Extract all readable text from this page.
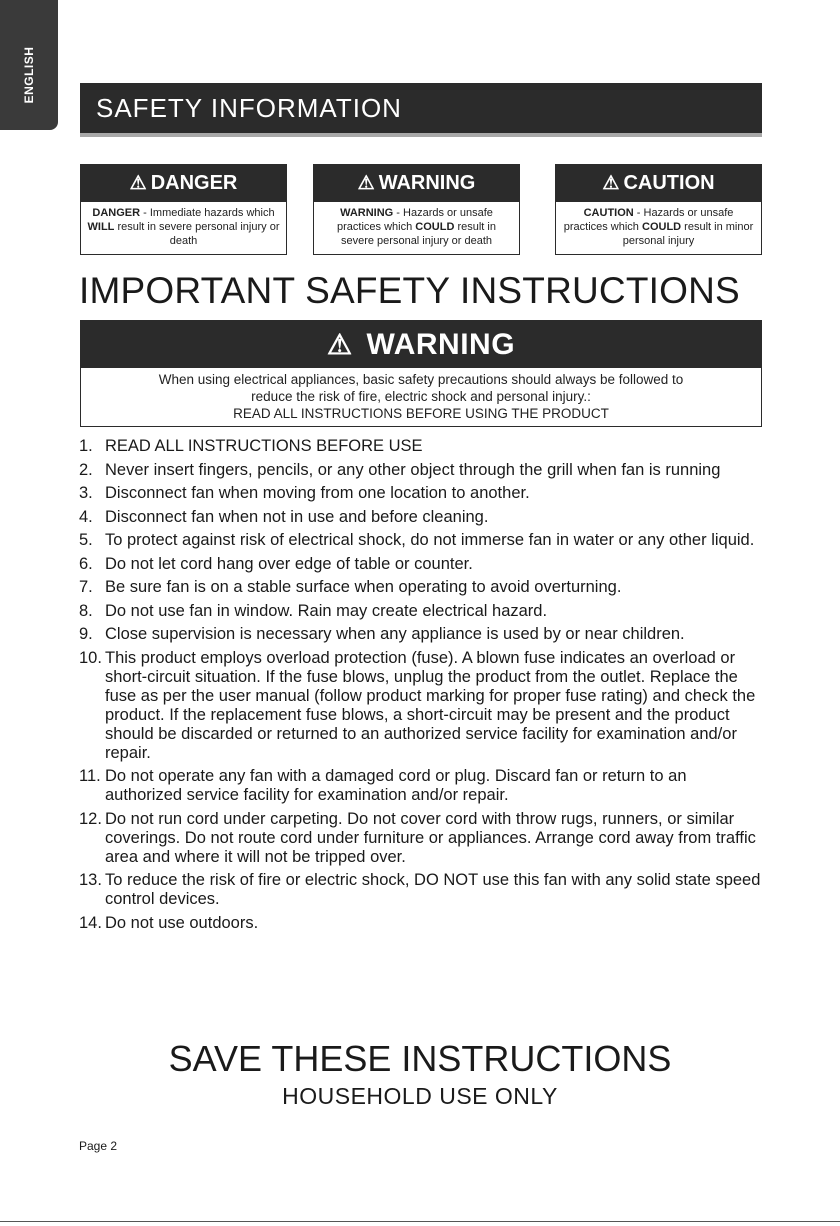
ENGLISH
SAFETY INFORMATION
⚠ DANGER
DANGER - Immediate hazards which WILL result in severe personal injury or death
⚠ WARNING
WARNING - Hazards or unsafe practices which COULD result in severe personal injury or death
⚠ CAUTION
CAUTION - Hazards or unsafe practices which COULD result in minor personal injury
IMPORTANT SAFETY INSTRUCTIONS
⚠ WARNING
When using electrical appliances, basic safety precautions should always be followed to
reduce the risk of fire, electric shock and personal injury.:
READ ALL INSTRUCTIONS BEFORE USING THE PRODUCT
1. READ ALL INSTRUCTIONS BEFORE USE
2. Never insert fingers, pencils, or any other object through the grill when fan is running
3. Disconnect fan when moving from one location to another.
4. Disconnect fan when not in use and before cleaning.
5. To protect against risk of electrical shock, do not immerse fan in water or any other liquid.
6. Do not let cord hang over edge of table or counter.
7. Be sure fan is on a stable surface when operating to avoid overturning.
8. Do not use fan in window. Rain may create electrical hazard.
9. Close supervision is necessary when any appliance is used by or near children.
10. This product employs overload protection (fuse). A blown fuse indicates an overload or short-circuit situation. If the fuse blows, unplug the product from the outlet. Replace the fuse as per the user manual (follow product marking for proper fuse rating) and check the product. If the replacement fuse blows, a short-circuit may be present and the product should be discarded or returned to an authorized service facility for examination and/or repair.
11. Do not operate any fan with a damaged cord or plug. Discard fan or return to an authorized service facility for examination and/or repair.
12. Do not run cord under carpeting. Do not cover cord with throw rugs, runners, or similar coverings. Do not route cord under furniture or appliances. Arrange cord away from traffic area and where it will not be tripped over.
13. To reduce the risk of fire or electric shock, DO NOT use this fan with any solid state speed control devices.
14. Do not use outdoors.
SAVE THESE INSTRUCTIONS
HOUSEHOLD USE ONLY
Page 2
